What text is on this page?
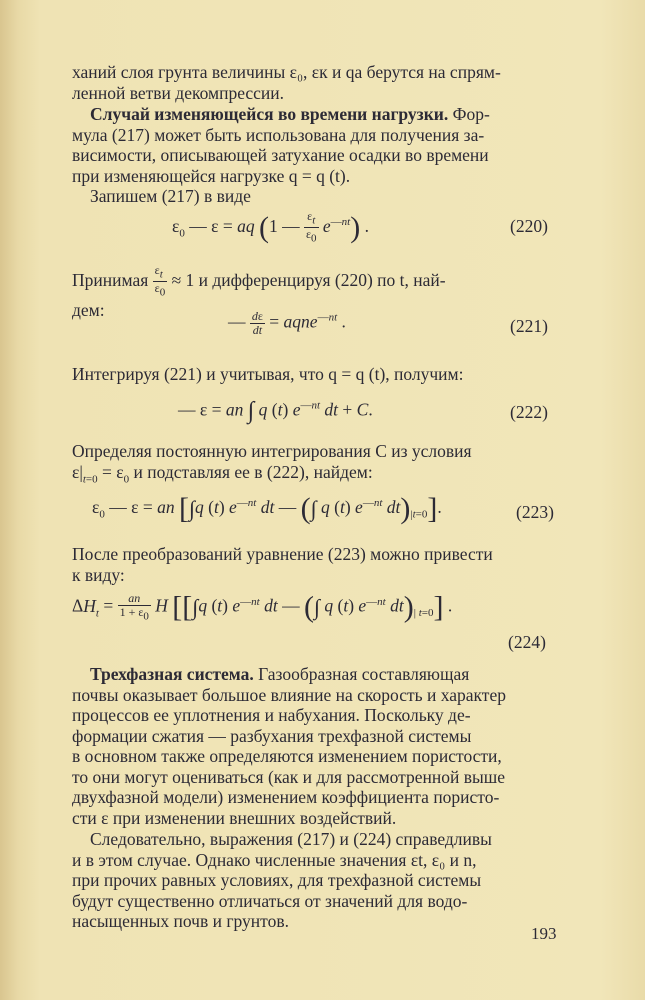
ханий слоя грунта величины ε₀, εк и qa берутся на спрям-
ленной ветви декомпрессии.

Случай изменяющейся во времени нагрузки. Фор-

мула (217) может быть использована для получения за-
висимости, описывающей затухание осадки во времени
при изменяющейся нагрузке q = q (t).

Запишем (217) в виде

$\varepsilon_0$ — ε = aq (1 — $\frac{\varepsilon_t}{\varepsilon_0} e^{—nt}$) .	(220)

Принимая $\frac{\varepsilon_t}{\varepsilon_0} \approx 1$ и дифференцируя (220) по t, най-
дем:

— $\frac{d\varepsilon}{dt}$ = aqne$^{—nt}$ .	(221)

Интегрируя (221) и учитывая, что q = q (t), получим:

— ε = an ∫ q (t) $e^{—nt}$ dt + C.	(222)

Определяя постоянную интегрирования C из условия
$\varepsilon|_{t=0} = \varepsilon_0$ и подставляя ее в (222), найдем:

$\varepsilon_0$ — ε = an [∫q (t) $e^{—nt}$ dt — (∫ q (t) $e^{—nt}$ $dt)_{|t=0}$].	(223)

После преобразований уравнение (223) можно привести
к виду:

$\Delta H_t = \frac{an}{1 + \varepsilon_0}$ H [[∫q (t) $e^{—nt}$ dt — (∫ q (t) $e^{—nt}$ $dt)_{| t=0}$] .
(224)

Трехфазная система. Газообразная составляющая

почвы оказывает большое влияние на скорость и характер
процессов ее уплотнения и набухания. Поскольку де-
формации сжатия — разбухания трехфазной системы
в основном также определяются изменением пористости,
то они могут оцениваться (как и для рассмотренной выше
двухфазной модели) изменением коэффициента пористо-
сти ε при изменении внешних воздействий.

Следовательно, выражения (217) и (224) справедливы
и в этом случае. Однако численные значения εt, ε₀ и n,
при прочих равных условиях, для трехфазной системы
будут существенно отличаться от значений для водо-
насыщенных почв и грунтов.

193
